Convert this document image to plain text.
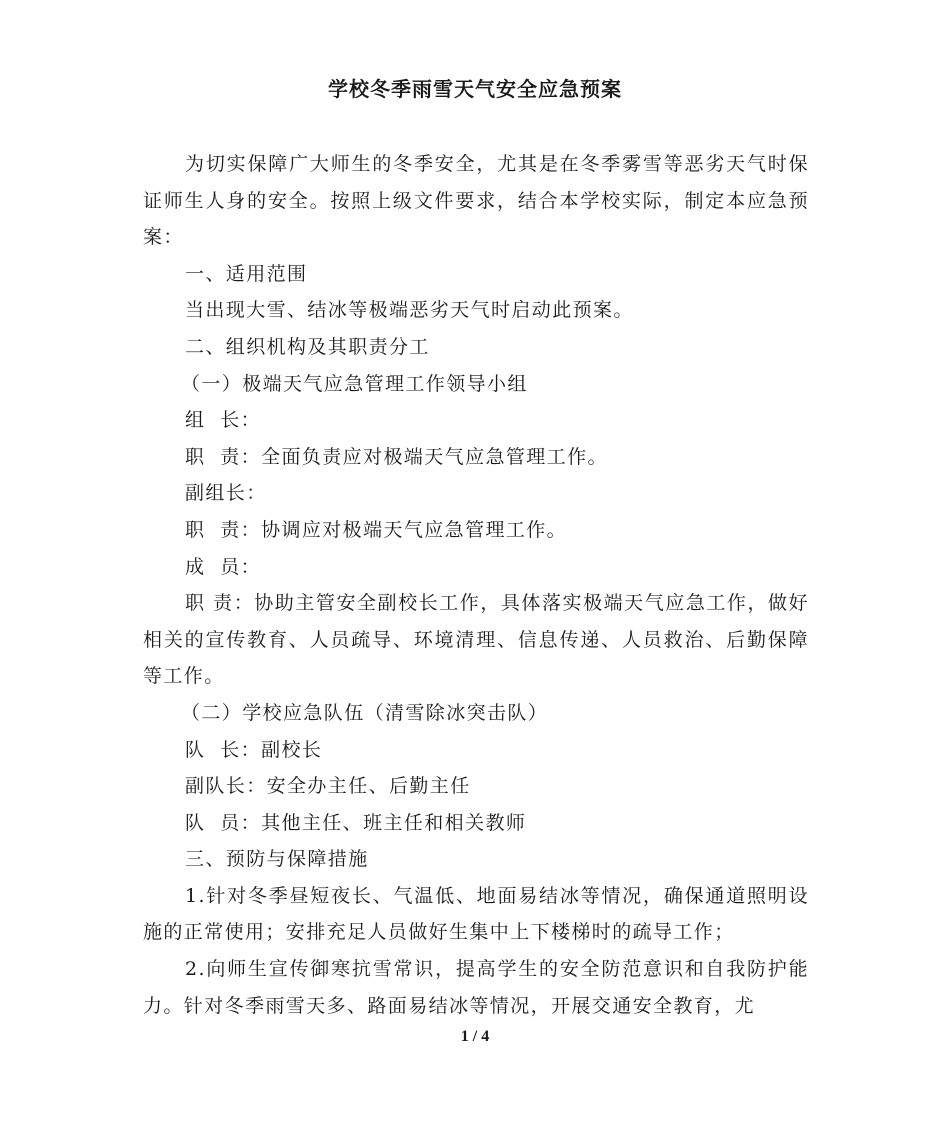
学校冬季雨雪天气安全应急预案

为切实保障广大师生的冬季安全，尤其是在冬季雾雪等恶劣天气时保证师生人身的安全。按照上级文件要求，结合本学校实际，制定本应急预案：

一、适用范围

当出现大雪、结冰等极端恶劣天气时启动此预案。

二、组织机构及其职责分工

（一）极端天气应急管理工作领导小组

组  长：

职  责：全面负责应对极端天气应急管理工作。

副组长：

职  责：协调应对极端天气应急管理工作。

成  员：

职 责：协助主管安全副校长工作，具体落实极端天气应急工作，做好相关的宣传教育、人员疏导、环境清理、信息传递、人员救治、后勤保障等工作。

（二）学校应急队伍（清雪除冰突击队）

队  长：副校长

副队长：安全办主任、后勤主任

队  员：其他主任、班主任和相关教师

三、预防与保障措施

1.针对冬季昼短夜长、气温低、地面易结冰等情况，确保通道照明设施的正常使用；安排充足人员做好生集中上下楼梯时的疏导工作；

2.向师生宣传御寒抗雪常识，提高学生的安全防范意识和自我防护能力。针对冬季雨雪天多、路面易结冰等情况，开展交通安全教育，尤

1 / 4
